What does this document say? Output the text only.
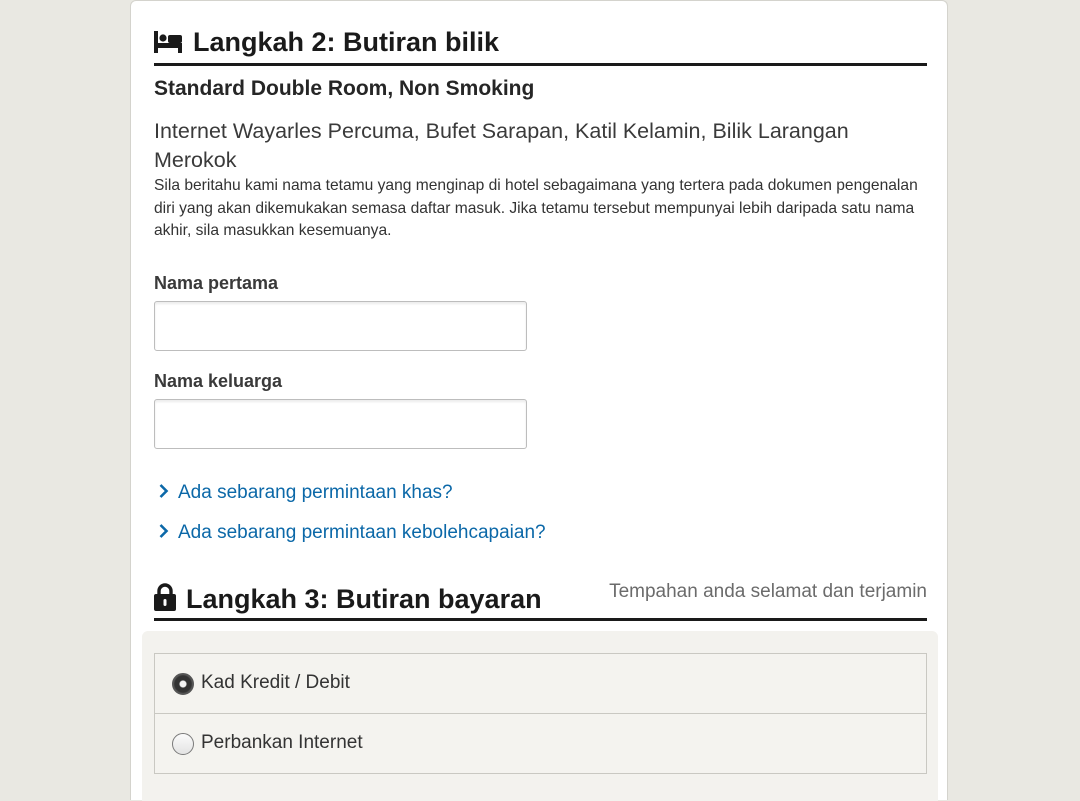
Langkah 2: Butiran bilik
Standard Double Room, Non Smoking
Internet Wayarles Percuma, Bufet Sarapan, Katil Kelamin, Bilik Larangan Merokok
Sila beritahu kami nama tetamu yang menginap di hotel sebagaimana yang tertera pada dokumen pengenalan diri yang akan dikemukakan semasa daftar masuk. Jika tetamu tersebut mempunyai lebih daripada satu nama akhir, sila masukkan kesemuanya.
Nama pertama
Nama keluarga
Ada sebarang permintaan khas?
Ada sebarang permintaan kebolehcapaian?
Langkah 3: Butiran bayaran	Tempahan anda selamat dan terjamin
Kad Kredit / Debit
Perbankan Internet
